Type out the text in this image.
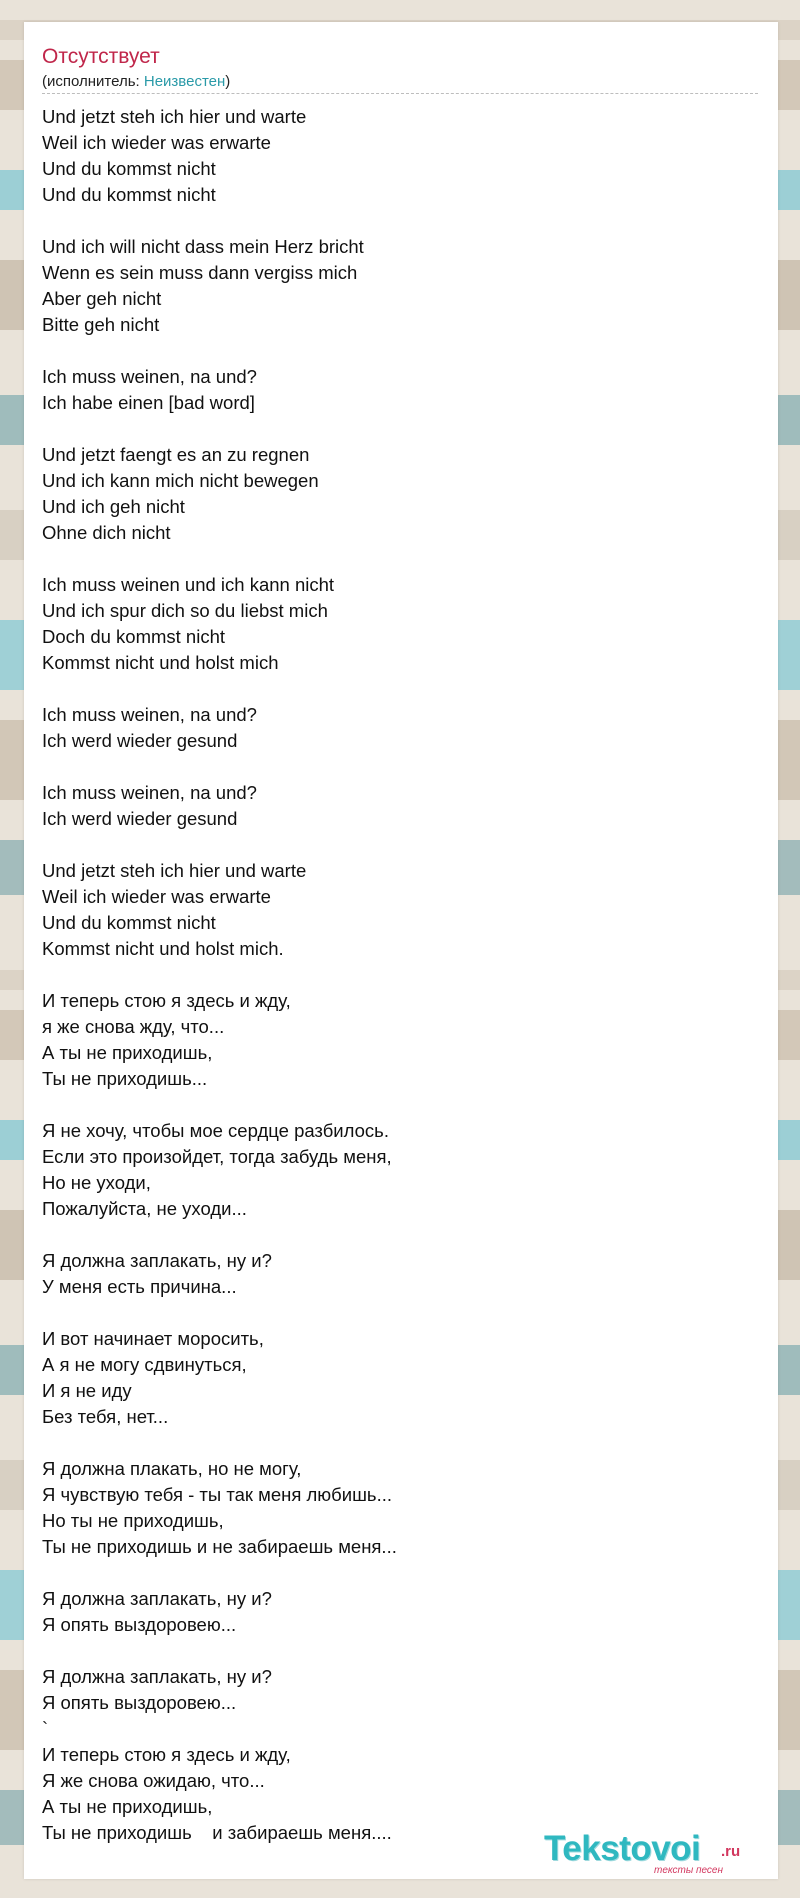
Отсутствует
(исполнитель: Неизвестен)
Und jetzt steh ich hier und warte
Weil ich wieder was erwarte
Und du kommst nicht
Und du kommst nicht
Und ich will nicht dass mein Herz bricht
Wenn es sein muss dann vergiss mich
Aber geh nicht
Bitte geh nicht
Ich muss weinen, na und?
Ich habe einen [bad word]
Und jetzt faengt es an zu regnen
Und ich kann mich nicht bewegen
Und ich geh nicht
Ohne dich nicht
Ich muss weinen und ich kann nicht
Und ich spur dich so du liebst mich
Doch du kommst nicht
Kommst nicht und holst mich
Ich muss weinen, na und?
Ich werd wieder gesund
Ich muss weinen, na und?
Ich werd wieder gesund
Und jetzt steh ich hier und warte
Weil ich wieder was erwarte
Und du kommst nicht
Kommst nicht und holst mich.
И теперь стою я здесь и жду,
я же снова жду, что...
А ты не приходишь,
Ты не приходишь...
Я не хочу, чтобы мое сердце разбилось.
Если это произойдет, тогда забудь меня,
Но не уходи,
Пожалуйста, не уходи...
Я должна заплакать, ну и?
У меня есть причина...
И вот начинает моросить,
А я не могу сдвинуться,
И я не иду
Без тебя, нет...
Я должна плакать, но не могу,
Я чувствую тебя - ты так меня любишь...
Но ты не приходишь,
Ты не приходишь и не забираешь меня...
Я должна заплакать, ну и?
Я опять выздоровею...
Я должна заплакать, ну и?
Я опять выздоровею...
`
И теперь стою я здесь и жду,
Я же снова ожидаю, что...
А ты не приходишь,
Ты не приходишь    и забираешь меня....	Tekstovoi .ru
тексты песен
